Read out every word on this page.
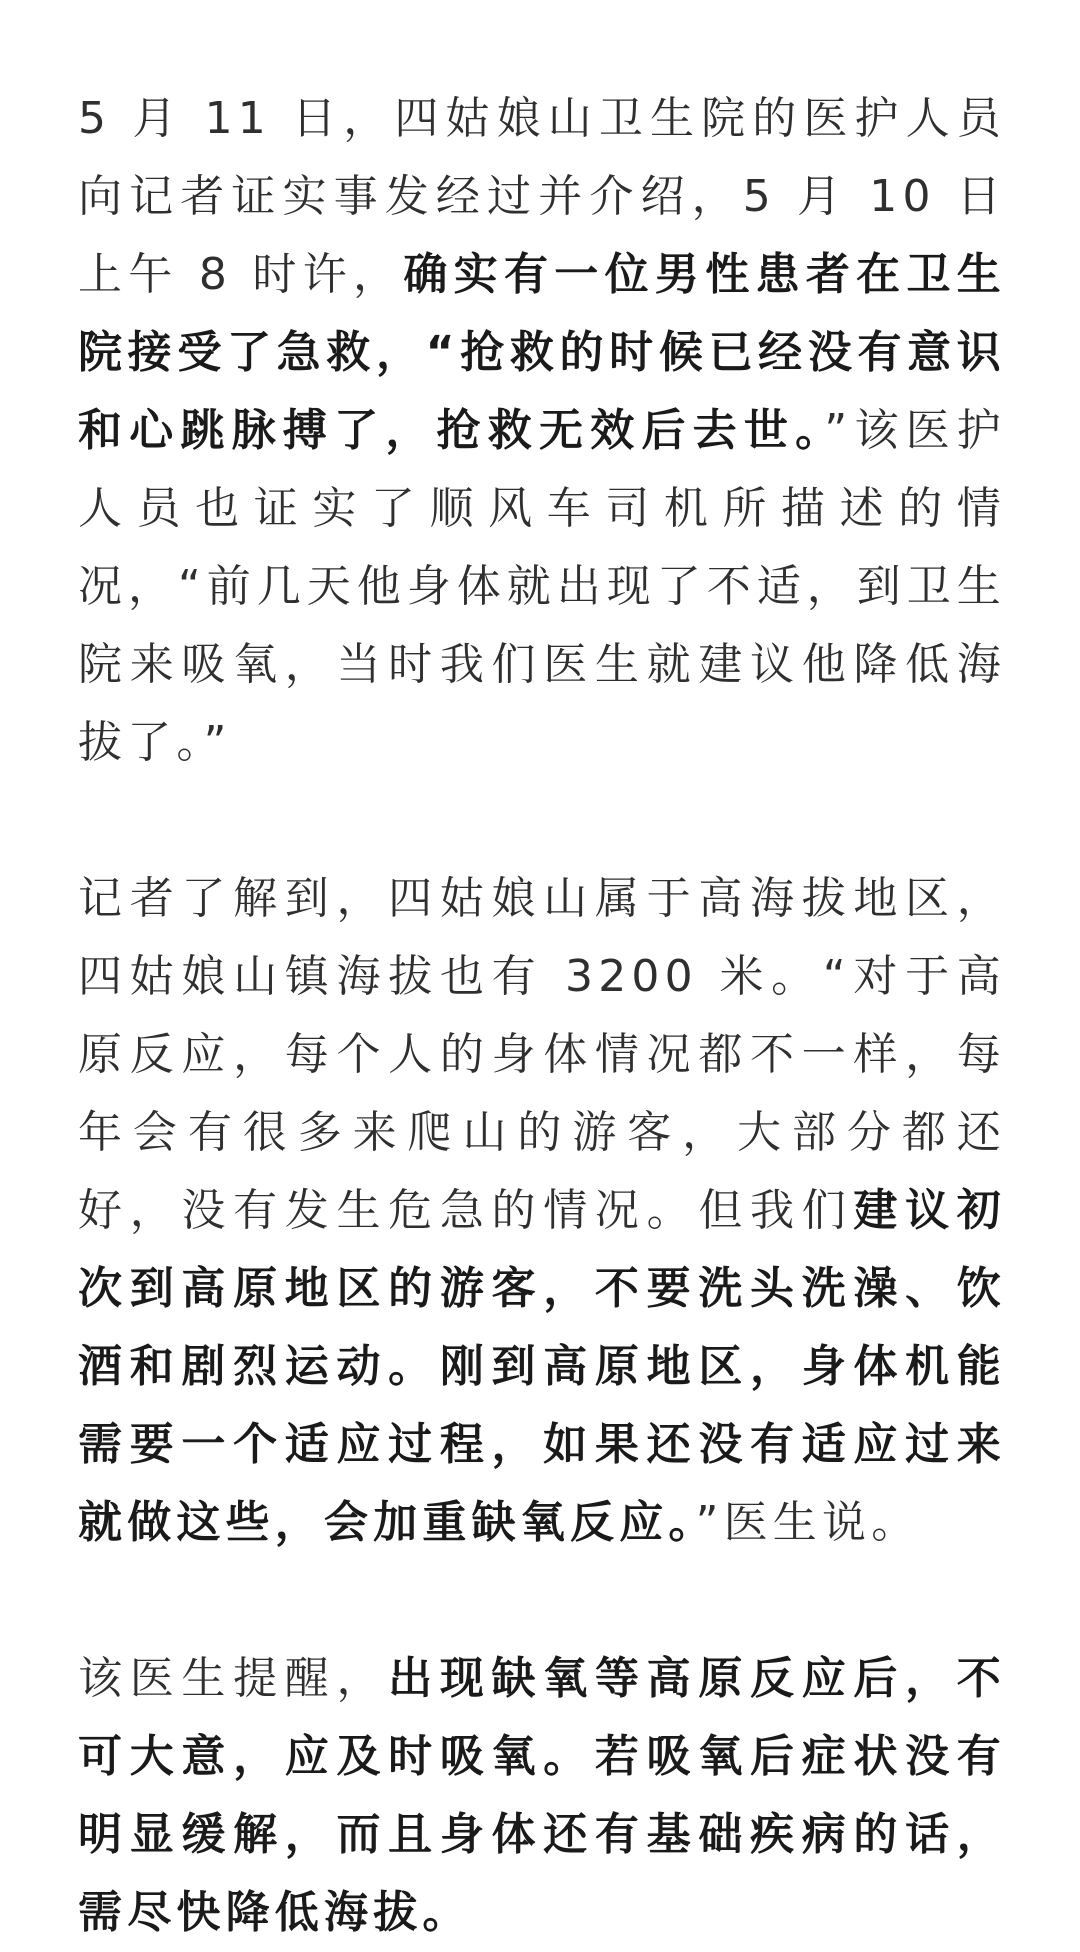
5 月 11 日，四姑娘山卫生院的医护人员向记者证实事发经过并介绍，5 月 10 日上午 8 时许，确实有一位男性患者在卫生院接受了急救，“抢救的时候已经没有意识和心跳脉搏了，抢救无效后去世。”该医护人员也证实了顺风车司机所描述的情况，“前几天他身体就出现了不适，到卫生院来吸氧，当时我们医生就建议他降低海拔了。”

记者了解到，四姑娘山属于高海拔地区，四姑娘山镇海拔也有 3200 米。“对于高原反应，每个人的身体情况都不一样，每年会有很多来爬山的游客，大部分都还好，没有发生危急的情况。但我们建议初次到高原地区的游客，不要洗头洗澡、饮酒和剧烈运动。刚到高原地区，身体机能需要一个适应过程，如果还没有适应过来就做这些，会加重缺氧反应。”医生说。

该医生提醒，出现缺氧等高原反应后，不可大意，应及时吸氧。若吸氧后症状没有明显缓解，而且身体还有基础疾病的话，需尽快降低海拔。
